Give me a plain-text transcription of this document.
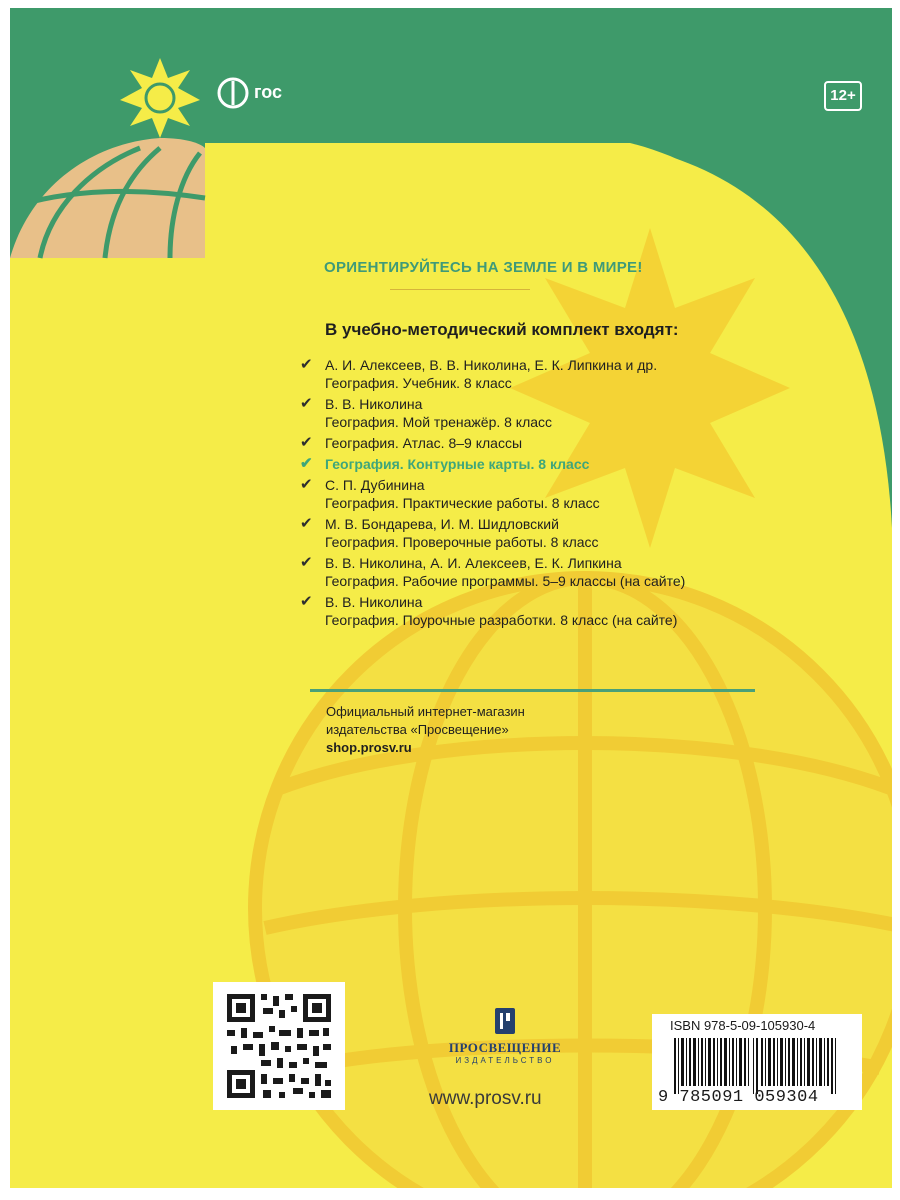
гос	12+
ОРИЕНТИРУЙТЕСЬ НА ЗЕМЛЕ И В МИРЕ!
В учебно-методический комплект входят:
✔ А. И. Алексеев, В. В. Николина, Е. К. Липкина и др.
География. Учебник. 8 класс
✔ В. В. Николина
География. Мой тренажёр. 8 класс
✔ География. Атлас. 8–9 классы
✔ География. Контурные карты. 8 класс
✔ С. П. Дубинина
География. Практические работы. 8 класс
✔ М. В. Бондарева, И. М. Шидловский
География. Проверочные работы. 8 класс
✔ В. В. Николина, А. И. Алексеев, Е. К. Липкина
География. Рабочие программы. 5–9 классы (на сайте)
✔ В. В. Николина
География. Поурочные разработки. 8 класс (на сайте)
Официальный интернет-магазин
издательства «Просвещение»
shop.prosv.ru
ПРОСВЕЩЕНИЕ
ИЗДАТЕЛЬСТВО
www.prosv.ru
ISBN 978-5-09-105930-4
9 785091 059304
